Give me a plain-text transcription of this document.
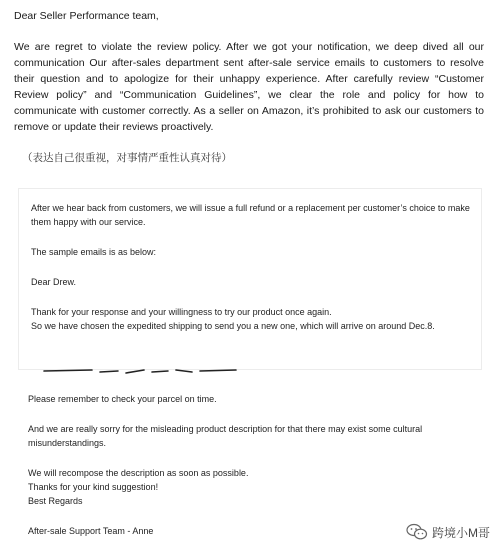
Dear Seller Performance team,

We are regret to violate the review policy. After we got your notification, we deep dived all our communication Our after-sales department sent after-sale service emails to customers to resolve their question and to apologize for their unhappy experience. After carefully review “Customer Review policy” and “Communication Guidelines”, we clear the role and policy for how to communicate with customer correctly. As a seller on Amazon, it’s prohibited to ask our customers to remove or update their reviews proactively.

（表达自己很重视，对事情严重性认真对待）

After we hear back from customers, we will issue a full refund or a replacement per customer’s choice to make them happy with our service.

The sample emails is as below:

Dear Drew.

Thank for your response and your willingness to try our product once again.

So we have chosen the expedited shipping to send you a new one, which will arrive on around Dec.8.

Please remember to check your parcel on time.

And we are really sorry for the misleading product description for that there may exist some cultural misunderstandings.

We will recompose the description as soon as possible.

Thanks for your kind suggestion!

Best Regards

After-sale Support Team - Anne	跨境小M哥
